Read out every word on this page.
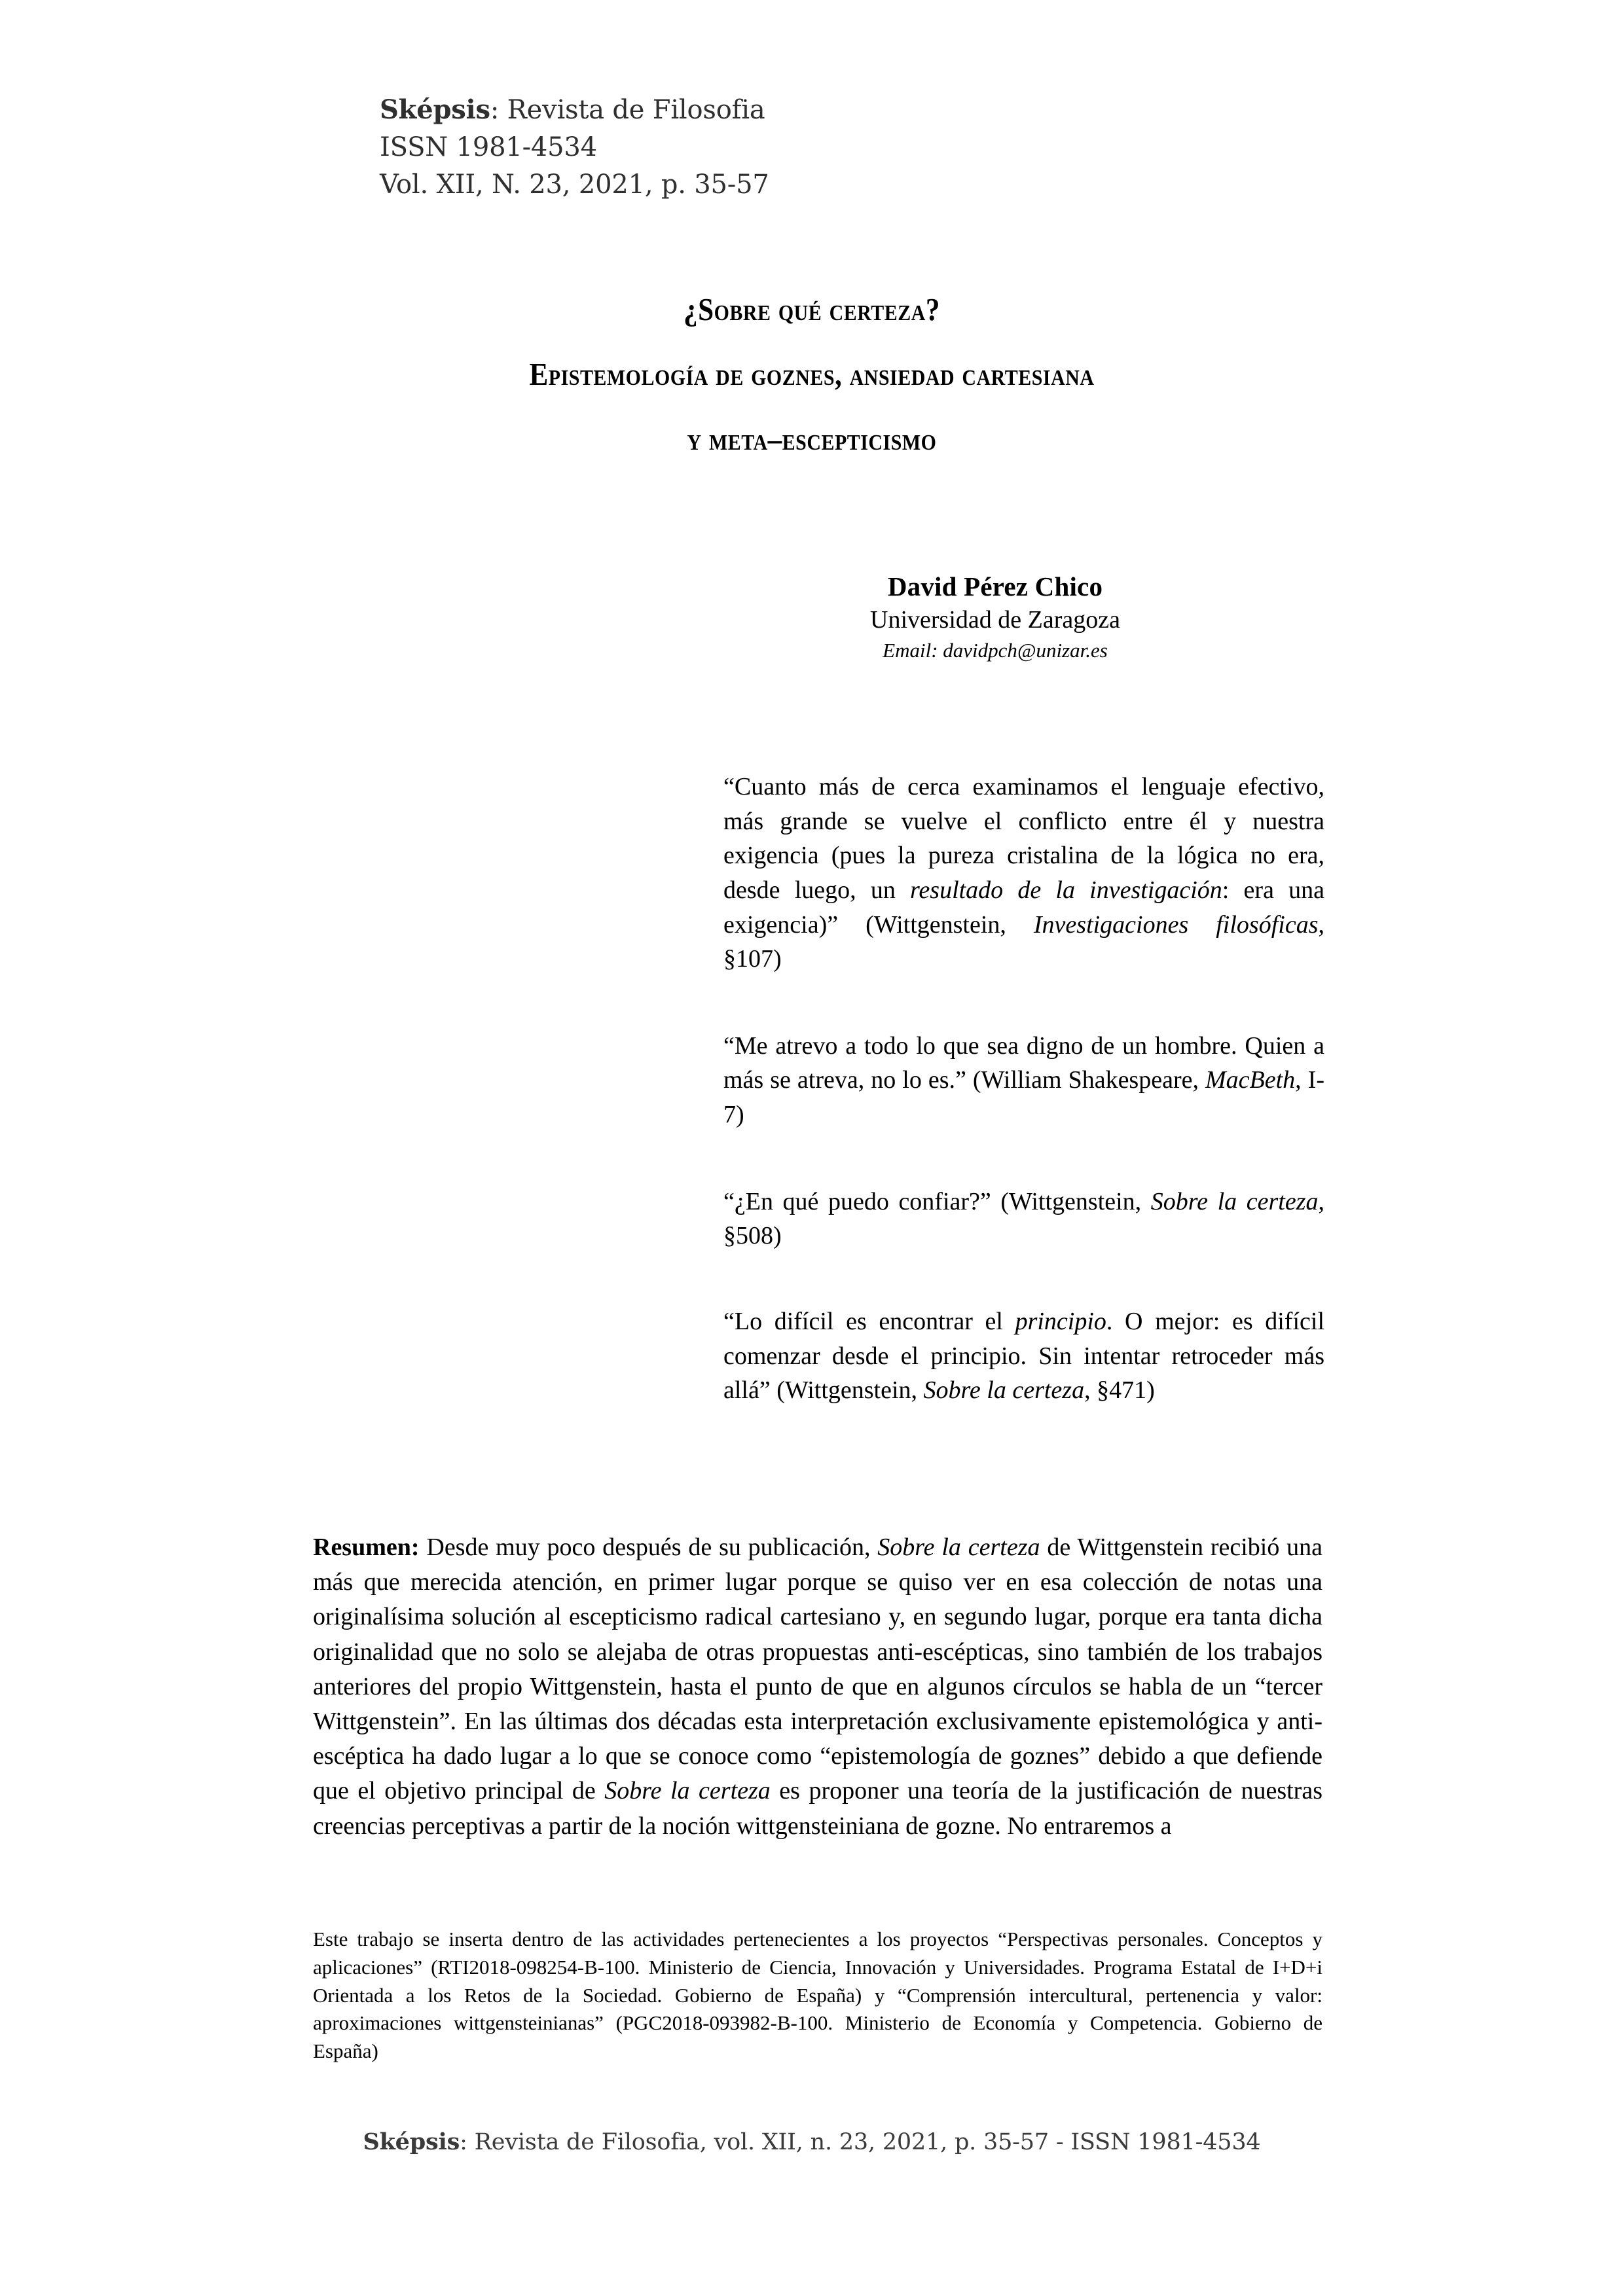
Sképsis: Revista de Filosofia
ISSN 1981-4534
Vol. XII, N. 23, 2021, p. 35-57
¿Sobre qué certeza?
Epistemología de goznes, ansiedad cartesiana
y meta–escepticismo
David Pérez Chico
Universidad de Zaragoza
Email: davidpch@unizar.es
“Cuanto más de cerca examinamos el lenguaje efectivo, más grande se vuelve el conflicto entre él y nuestra exigencia (pues la pureza cristalina de la lógica no era, desde luego, un resultado de la investigación: era una exigencia)” (Wittgenstein, Investigaciones filosóficas, §107)
“Me atrevo a todo lo que sea digno de un hombre. Quien a más se atreva, no lo es.” (William Shakespeare, MacBeth, I-7)
“¿En qué puedo confiar?” (Wittgenstein, Sobre la certeza, §508)
“Lo difícil es encontrar el principio. O mejor: es difícil comenzar desde el principio. Sin intentar retroceder más allá” (Wittgenstein, Sobre la certeza, §471)
Resumen: Desde muy poco después de su publicación, Sobre la certeza de Wittgenstein recibió una más que merecida atención, en primer lugar porque se quiso ver en esa colección de notas una originalísima solución al escepticismo radical cartesiano y, en segundo lugar, porque era tanta dicha originalidad que no solo se alejaba de otras propuestas anti-escépticas, sino también de los trabajos anteriores del propio Wittgenstein, hasta el punto de que en algunos círculos se habla de un “tercer Wittgenstein”. En las últimas dos décadas esta interpretación exclusivamente epistemológica y anti-escéptica ha dado lugar a lo que se conoce como “epistemología de goznes” debido a que defiende que el objetivo principal de Sobre la certeza es proponer una teoría de la justificación de nuestras creencias perceptivas a partir de la noción wittgensteiniana de gozne. No entraremos a
Este trabajo se inserta dentro de las actividades pertenecientes a los proyectos “Perspectivas personales. Conceptos y aplicaciones” (RTI2018-098254-B-100. Ministerio de Ciencia, Innovación y Universidades. Programa Estatal de I+D+i Orientada a los Retos de la Sociedad. Gobierno de España) y “Comprensión intercultural, pertenencia y valor: aproximaciones wittgensteinianas” (PGC2018-093982-B-100. Ministerio de Economía y Competencia. Gobierno de España)
Sképsis: Revista de Filosofia, vol. XII, n. 23, 2021, p. 35-57 - ISSN 1981-4534
